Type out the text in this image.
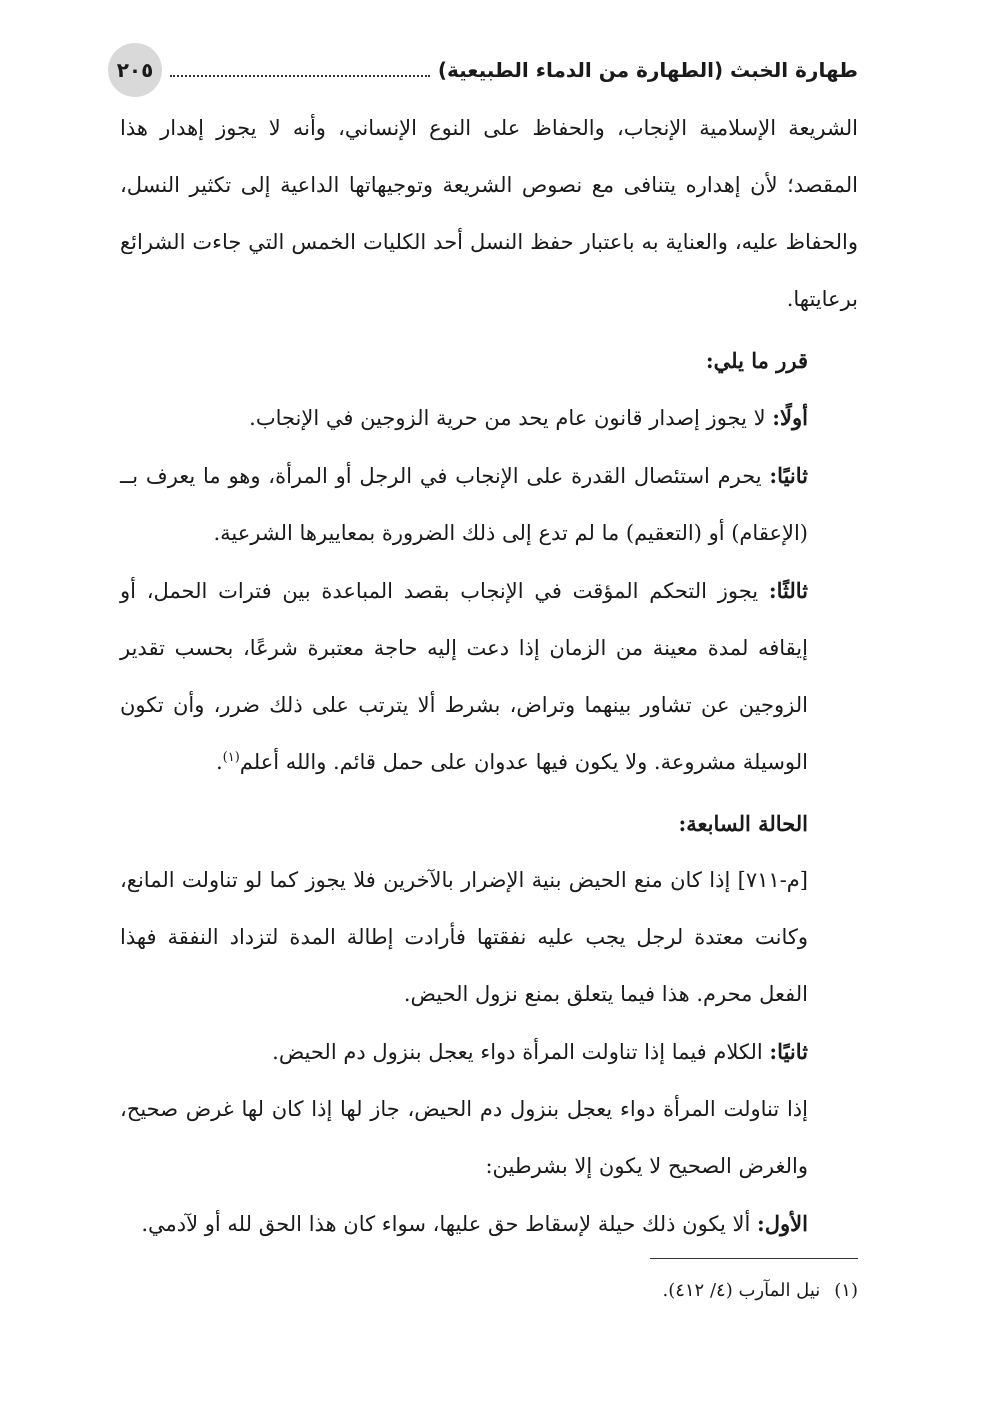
طهارة الخبث (الطهارة من الدماء الطبيعية)
٢٠٥

الشريعة الإسلامية الإنجاب، والحفاظ على النوع الإنساني، وأنه لا يجوز إهدار هذا المقصد؛ لأن إهداره يتنافى مع نصوص الشريعة وتوجيهاتها الداعية إلى تكثير النسل، والحفاظ عليه، والعناية به باعتبار حفظ النسل أحد الكليات الخمس التي جاءت الشرائع برعايتها.

قرر ما يلي:

أولًا: لا يجوز إصدار قانون عام يحد من حرية الزوجين في الإنجاب.

ثانيًا: يحرم استئصال القدرة على الإنجاب في الرجل أو المرأة، وهو ما يعرف بــ (الإعقام) أو (التعقيم) ما لم تدع إلى ذلك الضرورة بمعاييرها الشرعية.

ثالثًا: يجوز التحكم المؤقت في الإنجاب بقصد المباعدة بين فترات الحمل، أو إيقافه لمدة معينة من الزمان إذا دعت إليه حاجة معتبرة شرعًا، بحسب تقدير الزوجين عن تشاور بينهما وتراض، بشرط ألا يترتب على ذلك ضرر، وأن تكون الوسيلة مشروعة. ولا يكون فيها عدوان على حمل قائم. والله أعلم$^{(١)}$.

الحالة السابعة:

[م-٧١١] إذا كان منع الحيض بنية الإضرار بالآخرين فلا يجوز كما لو تناولت المانع، وكانت معتدة لرجل يجب عليه نفقتها فأرادت إطالة المدة لتزداد النفقة فهذا الفعل محرم. هذا فيما يتعلق بمنع نزول الحيض.

ثانيًا: الكلام فيما إذا تناولت المرأة دواء يعجل بنزول دم الحيض.

إذا تناولت المرأة دواء يعجل بنزول دم الحيض، جاز لها إذا كان لها غرض صحيح، والغرض الصحيح لا يكون إلا بشرطين:

الأول: ألا يكون ذلك حيلة لإسقاط حق عليها، سواء كان هذا الحق لله أو لآدمي.

(١)نيل المآرب (٤/ ٤١٢).
